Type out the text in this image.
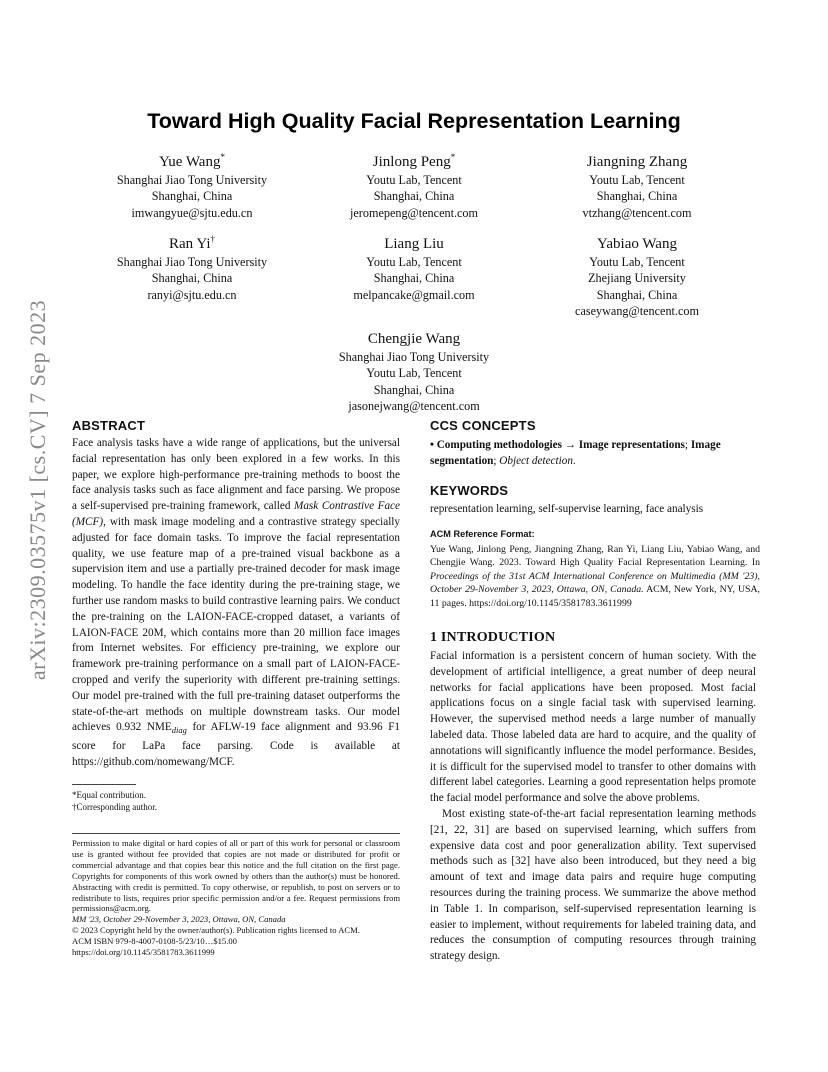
arXiv:2309.03575v1 [cs.CV] 7 Sep 2023
Toward High Quality Facial Representation Learning
Yue Wang*
Shanghai Jiao Tong University
Shanghai, China
imwangyue@sjtu.edu.cn
Jinlong Peng*
Youtu Lab, Tencent
Shanghai, China
jeromepeng@tencent.com
Jiangning Zhang
Youtu Lab, Tencent
Shanghai, China
vtzhang@tencent.com
Ran Yi†
Shanghai Jiao Tong University
Shanghai, China
ranyi@sjtu.edu.cn
Liang Liu
Youtu Lab, Tencent
Shanghai, China
melpancake@gmail.com
Yabiao Wang
Youtu Lab, Tencent
Zhejiang University
Shanghai, China
caseywang@tencent.com
Chengjie Wang
Shanghai Jiao Tong University
Youtu Lab, Tencent
Shanghai, China
jasonejwang@tencent.com
ABSTRACT

Face analysis tasks have a wide range of applications, but the universal facial representation has only been explored in a few works. In this paper, we explore high-performance pre-training methods to boost the face analysis tasks such as face alignment and face parsing. We propose a self-supervised pre-training framework, called Mask Contrastive Face (MCF), with mask image modeling and a contrastive strategy specially adjusted for face domain tasks. To improve the facial representation quality, we use feature map of a pre-trained visual backbone as a supervision item and use a partially pre-trained decoder for mask image modeling. To handle the face identity during the pre-training stage, we further use random masks to build contrastive learning pairs. We conduct the pre-training on the LAION-FACE-cropped dataset, a variants of LAION-FACE 20M, which contains more than 20 million face images from Internet websites. For efficiency pre-training, we explore our framework pre-training performance on a small part of LAION-FACE-cropped and verify the superiority with different pre-training settings. Our model pre-trained with the full pre-training dataset outperforms the state-of-the-art methods on multiple downstream tasks. Our model achieves 0.932 $NME_{diag}$ for AFLW-19 face alignment and 93.96 F1 score for LaPa face parsing. Code is available at https://github.com/nomewang/MCF.

*Equal contribution.
†Corresponding author.
Permission to make digital or hard copies of all or part of this work for personal or classroom use is granted without fee provided that copies are not made or distributed for profit or commercial advantage and that copies bear this notice and the full citation on the first page. Copyrights for components of this work owned by others than the author(s) must be honored. Abstracting with credit is permitted. To copy otherwise, or republish, to post on servers or to redistribute to lists, requires prior specific permission and/or a fee. Request permissions from permissions@acm.org.
MM '23, October 29-November 3, 2023, Ottawa, ON, Canada
© 2023 Copyright held by the owner/author(s). Publication rights licensed to ACM.
ACM ISBN 979-8-4007-0108-5/23/10…$15.00
https://doi.org/10.1145/3581783.3611999
CCS CONCEPTS
• Computing methodologies → Image representations; Image segmentation; Object detection.
KEYWORDS
representation learning, self-supervise learning, face analysis
ACM Reference Format:
Yue Wang, Jinlong Peng, Jiangning Zhang, Ran Yi, Liang Liu, Yabiao Wang, and Chengjie Wang. 2023. Toward High Quality Facial Representation Learning. In Proceedings of the 31st ACM International Conference on Multimedia (MM '23), October 29-November 3, 2023, Ottawa, ON, Canada. ACM, New York, NY, USA, 11 pages. https://doi.org/10.1145/3581783.3611999
1 INTRODUCTION

Facial information is a persistent concern of human society. With the development of artificial intelligence, a great number of deep neural networks for facial applications have been proposed. Most facial applications focus on a single facial task with supervised learning. However, the supervised method needs a large number of manually labeled data. Those labeled data are hard to acquire, and the quality of annotations will significantly influence the model performance. Besides, it is difficult for the supervised model to transfer to other domains with different label categories. Learning a good representation helps promote the facial model performance and solve the above problems.

Most existing state-of-the-art facial representation learning methods [21, 22, 31] are based on supervised learning, which suffers from expensive data cost and poor generalization ability. Text supervised methods such as [32] have also been introduced, but they need a big amount of text and image data pairs and require huge computing resources during the training process. We summarize the above method in Table 1. In comparison, self-supervised representation learning is easier to implement, without requirements for labeled training data, and reduces the consumption of computing resources through training strategy design.
